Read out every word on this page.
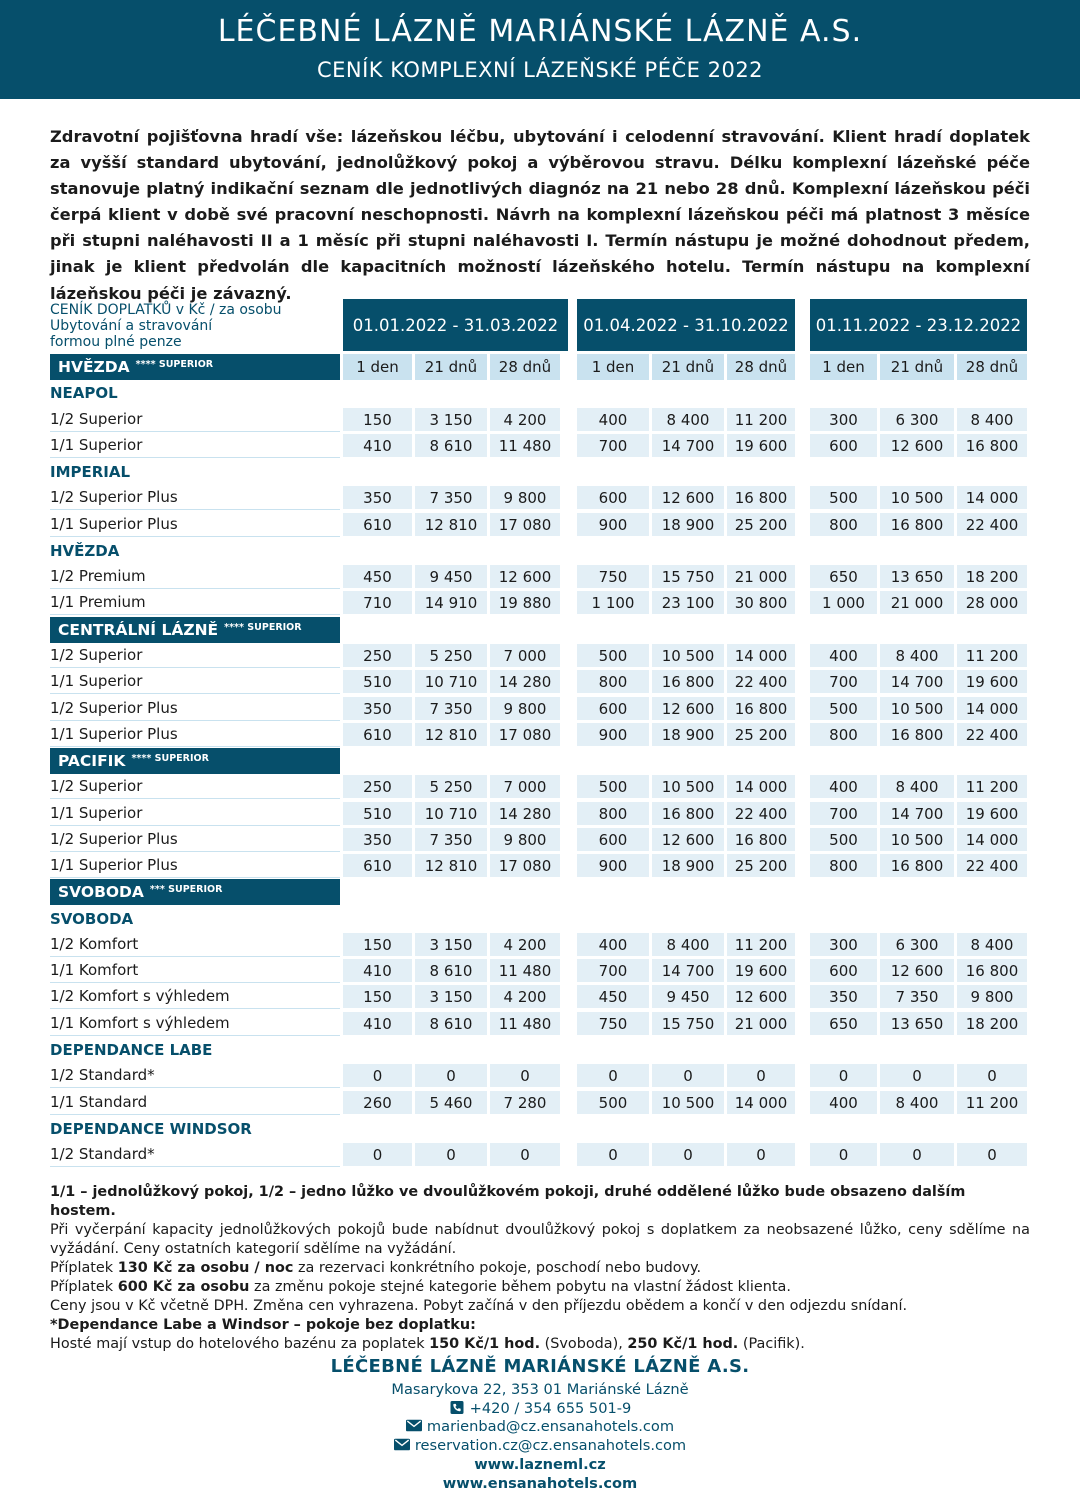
LÉČEBNÉ LÁZNĚ MARIÁNSKÉ LÁZNĚ A.S.
CENÍK KOMPLEXNÍ LÁZEŇSKÉ PÉČE 2022
Zdravotní pojišťovna hradí vše: lázeňskou léčbu, ubytování i celodenní stravování. Klient hradí doplatek za vyšší standard ubytování, jednolůžkový pokoj a výběrovou stravu. Délku komplexní lázeňské péče stanovuje platný indikační seznam dle jednotlivých diagnóz na 21 nebo 28 dnů. Komplexní lázeňskou péči čerpá klient v době své pracovní neschopnosti. Návrh na komplexní lázeňskou péči má platnost 3 měsíce při stupni naléhavosti II a 1 měsíc při stupni naléhavosti I. Termín nástupu je možné dohodnout předem, jinak je klient předvolán dle kapacitních možností lázeňského hotelu. Termín nástupu na komplexní lázeňskou péči je závazný.
CENÍK DOPLATKŮ v Kč / za osobu
Ubytování a stravování
formou plné penze
01.01.2022 - 31.03.2022	01.04.2022 - 31.10.2022	01.11.2022 - 23.12.2022
1 den	21 dnů	28 dnů	1 den	21 dnů	28 dnů	1 den	21 dnů	28 dnů
HVĚZDA $^{**** SUPERIOR}$
NEAPOL
1/2 Superior	150	3 150	4 200	400	8 400	11 200	300	6 300	8 400
1/1 Superior	410	8 610	11 480	700	14 700	19 600	600	12 600	16 800
IMPERIAL
1/2 Superior Plus	350	7 350	9 800	600	12 600	16 800	500	10 500	14 000
1/1 Superior Plus	610	12 810	17 080	900	18 900	25 200	800	16 800	22 400
HVĚZDA
1/2 Premium	450	9 450	12 600	750	15 750	21 000	650	13 650	18 200
1/1 Premium	710	14 910	19 880	1 100	23 100	30 800	1 000	21 000	28 000
CENTRÁLNÍ LÁZNĚ $^{**** SUPERIOR}$
1/2 Superior	250	5 250	7 000	500	10 500	14 000	400	8 400	11 200
1/1 Superior	510	10 710	14 280	800	16 800	22 400	700	14 700	19 600
1/2 Superior Plus	350	7 350	9 800	600	12 600	16 800	500	10 500	14 000
1/1 Superior Plus	610	12 810	17 080	900	18 900	25 200	800	16 800	22 400
PACIFIK $^{**** SUPERIOR}$
1/2 Superior	250	5 250	7 000	500	10 500	14 000	400	8 400	11 200
1/1 Superior	510	10 710	14 280	800	16 800	22 400	700	14 700	19 600
1/2 Superior Plus	350	7 350	9 800	600	12 600	16 800	500	10 500	14 000
1/1 Superior Plus	610	12 810	17 080	900	18 900	25 200	800	16 800	22 400
SVOBODA $^{*** SUPERIOR}$
SVOBODA
1/2 Komfort	150	3 150	4 200	400	8 400	11 200	300	6 300	8 400
1/1 Komfort	410	8 610	11 480	700	14 700	19 600	600	12 600	16 800
1/2 Komfort s výhledem	150	3 150	4 200	450	9 450	12 600	350	7 350	9 800
1/1 Komfort s výhledem	410	8 610	11 480	750	15 750	21 000	650	13 650	18 200
DEPENDANCE LABE
1/2 Standard*	0	0	0	0	0	0	0	0	0
1/1 Standard	260	5 460	7 280	500	10 500	14 000	400	8 400	11 200
DEPENDANCE WINDSOR
1/2 Standard*	0	0	0	0	0	0	0	0	0

1/1 – jednolůžkový pokoj, 1/2 – jedno lůžko ve dvoulůžkovém pokoji, druhé oddělené lůžko bude obsazeno dalším hostem.

Při vyčerpání kapacity jednolůžkových pokojů bude nabídnut dvoulůžkový pokoj s doplatkem za neobsazené lůžko, ceny sdělíme na vyžádání. Ceny ostatních kategorií sdělíme na vyžádání.

Příplatek 130 Kč za osobu / noc za rezervaci konkrétního pokoje, poschodí nebo budovy.

Příplatek 600 Kč za osobu za změnu pokoje stejné kategorie během pobytu na vlastní žádost klienta.

Ceny jsou v Kč včetně DPH. Změna cen vyhrazena. Pobyt začíná v den příjezdu obědem a končí v den odjezdu snídaní.

*Dependance Labe a Windsor – pokoje bez doplatku:

Hosté mají vstup do hotelového bazénu za poplatek 150 Kč/1 hod. (Svoboda), 250 Kč/1 hod. (Pacifik).

LÉČEBNÉ LÁZNĚ MARIÁNSKÉ LÁZNĚ A.S.
Masarykova 22, 353 01 Mariánské Lázně
+420 / 354 655 501-9
marienbad@cz.ensanahotels.com
reservation.cz@cz.ensanahotels.com
www.lazneml.cz
www.ensanahotels.com
